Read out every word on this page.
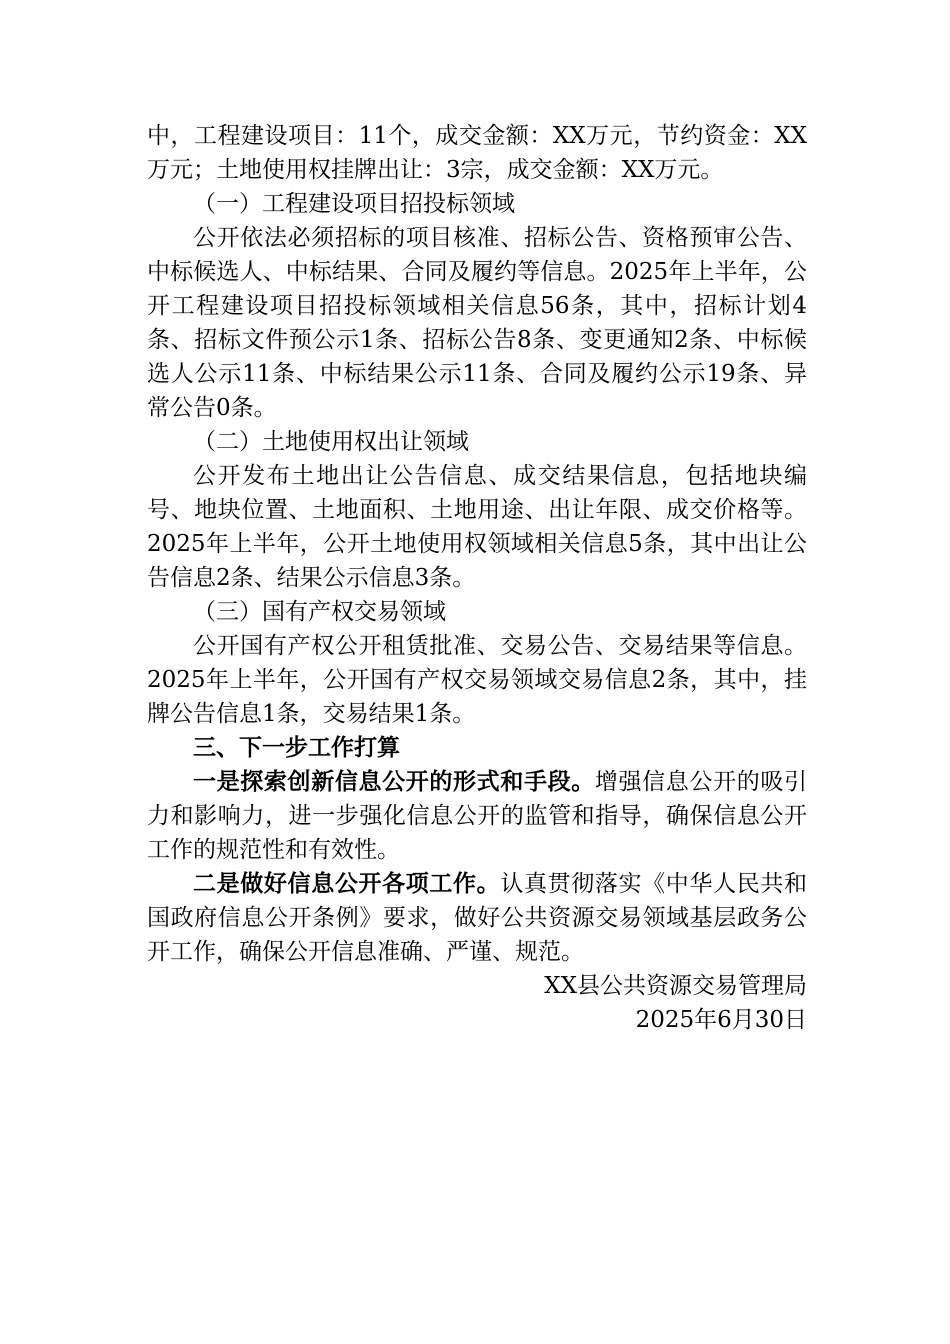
中，工程建设项目：11个，成交金额：XX万元，节约资金：XX万元；土地使用权挂牌出让：3宗，成交金额：XX万元。

（一）工程建设项目招投标领域

公开依法必须招标的项目核准、招标公告、资格预审公告、中标候选人、中标结果、合同及履约等信息。2025年上半年，公开工程建设项目招投标领域相关信息56条，其中，招标计划4条、招标文件预公示1条、招标公告8条、变更通知2条、中标候选人公示11条、中标结果公示11条、合同及履约公示19条、异常公告0条。

（二）土地使用权出让领域

公开发布土地出让公告信息、成交结果信息，包括地块编号、地块位置、土地面积、土地用途、出让年限、成交价格等。2025年上半年，公开土地使用权领域相关信息5条，其中出让公告信息2条、结果公示信息3条。

（三）国有产权交易领域

公开国有产权公开租赁批准、交易公告、交易结果等信息。2025年上半年，公开国有产权交易领域交易信息2条，其中，挂牌公告信息1条，交易结果1条。

三、下一步工作打算

一是探索创新信息公开的形式和手段。增强信息公开的吸引力和影响力，进一步强化信息公开的监管和指导，确保信息公开工作的规范性和有效性。

二是做好信息公开各项工作。认真贯彻落实《中华人民共和国政府信息公开条例》要求，做好公共资源交易领域基层政务公开工作，确保公开信息准确、严谨、规范。

XX县公共资源交易管理局

2025年6月30日
